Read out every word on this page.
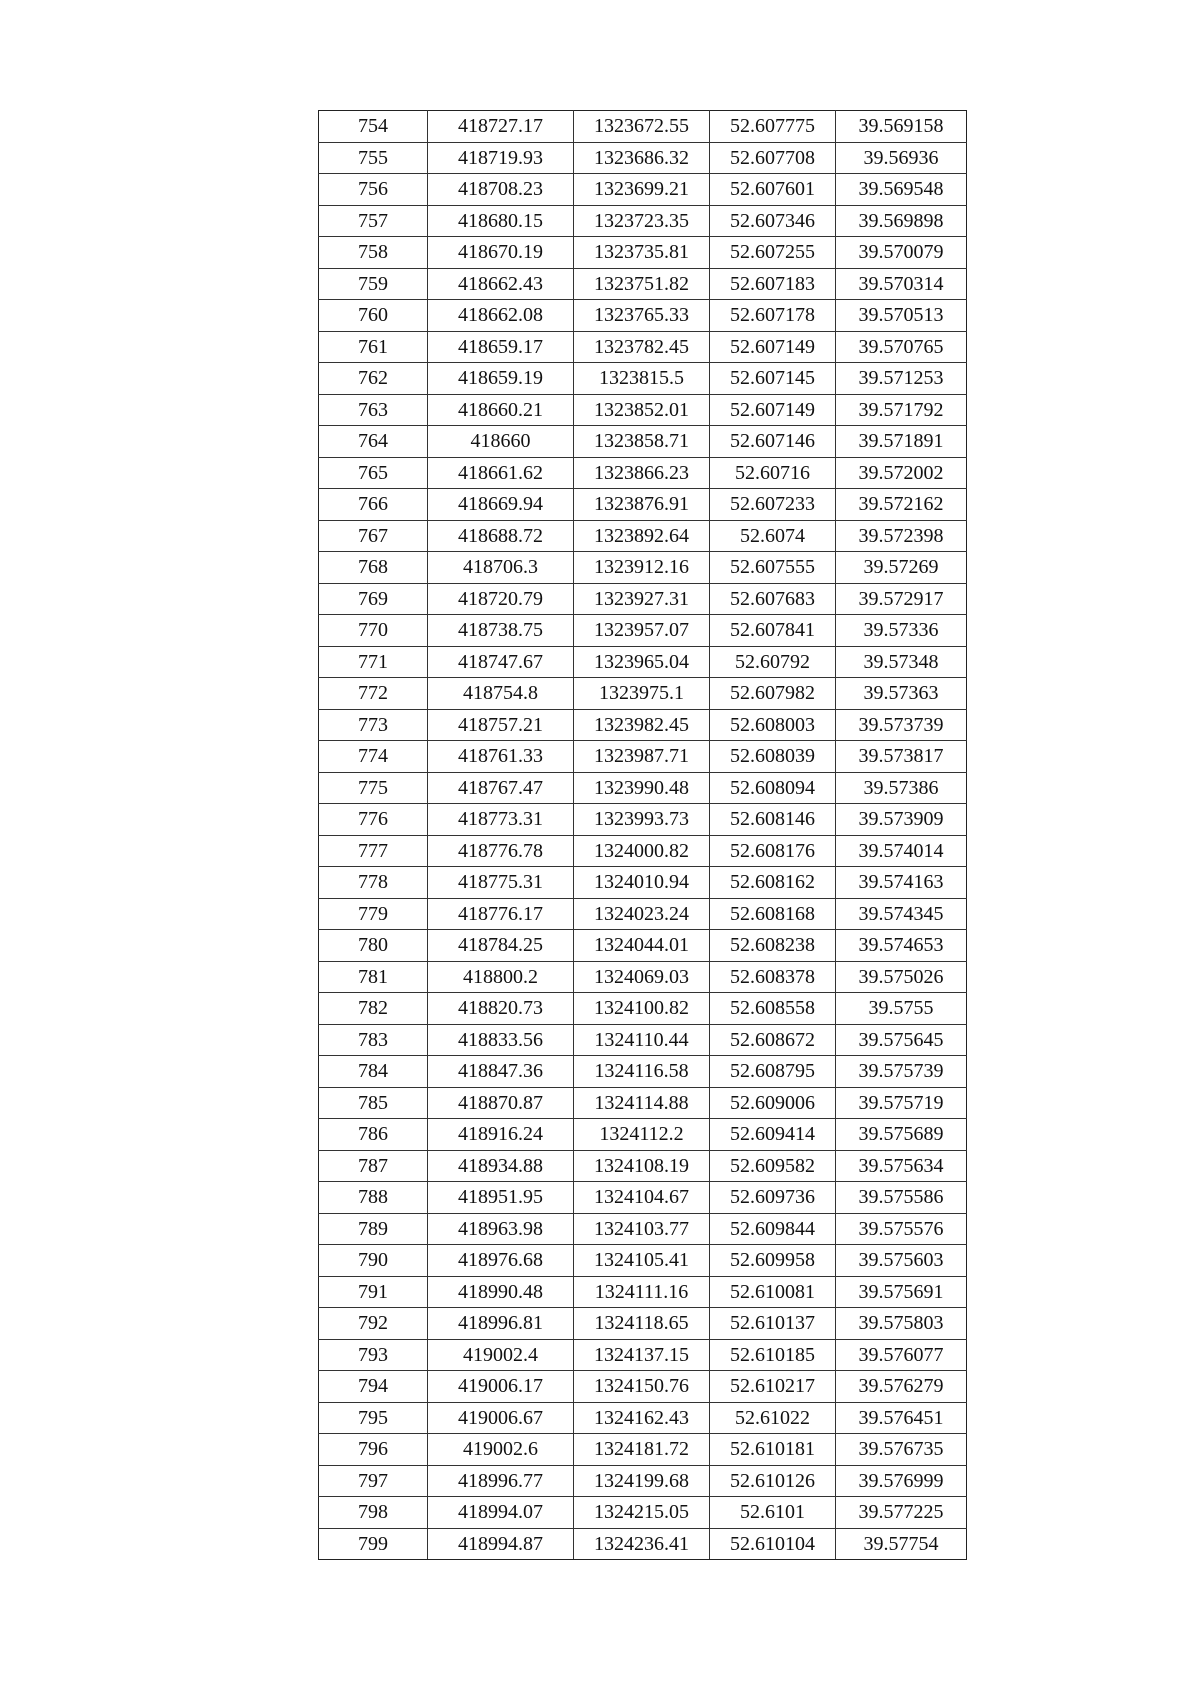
754	418727.17	1323672.55	52.607775	39.569158
755	418719.93	1323686.32	52.607708	39.56936
756	418708.23	1323699.21	52.607601	39.569548
757	418680.15	1323723.35	52.607346	39.569898
758	418670.19	1323735.81	52.607255	39.570079
759	418662.43	1323751.82	52.607183	39.570314
760	418662.08	1323765.33	52.607178	39.570513
761	418659.17	1323782.45	52.607149	39.570765
762	418659.19	1323815.5	52.607145	39.571253
763	418660.21	1323852.01	52.607149	39.571792
764	418660	1323858.71	52.607146	39.571891
765	418661.62	1323866.23	52.60716	39.572002
766	418669.94	1323876.91	52.607233	39.572162
767	418688.72	1323892.64	52.6074	39.572398
768	418706.3	1323912.16	52.607555	39.57269
769	418720.79	1323927.31	52.607683	39.572917
770	418738.75	1323957.07	52.607841	39.57336
771	418747.67	1323965.04	52.60792	39.57348
772	418754.8	1323975.1	52.607982	39.57363
773	418757.21	1323982.45	52.608003	39.573739
774	418761.33	1323987.71	52.608039	39.573817
775	418767.47	1323990.48	52.608094	39.57386
776	418773.31	1323993.73	52.608146	39.573909
777	418776.78	1324000.82	52.608176	39.574014
778	418775.31	1324010.94	52.608162	39.574163
779	418776.17	1324023.24	52.608168	39.574345
780	418784.25	1324044.01	52.608238	39.574653
781	418800.2	1324069.03	52.608378	39.575026
782	418820.73	1324100.82	52.608558	39.5755
783	418833.56	1324110.44	52.608672	39.575645
784	418847.36	1324116.58	52.608795	39.575739
785	418870.87	1324114.88	52.609006	39.575719
786	418916.24	1324112.2	52.609414	39.575689
787	418934.88	1324108.19	52.609582	39.575634
788	418951.95	1324104.67	52.609736	39.575586
789	418963.98	1324103.77	52.609844	39.575576
790	418976.68	1324105.41	52.609958	39.575603
791	418990.48	1324111.16	52.610081	39.575691
792	418996.81	1324118.65	52.610137	39.575803
793	419002.4	1324137.15	52.610185	39.576077
794	419006.17	1324150.76	52.610217	39.576279
795	419006.67	1324162.43	52.61022	39.576451
796	419002.6	1324181.72	52.610181	39.576735
797	418996.77	1324199.68	52.610126	39.576999
798	418994.07	1324215.05	52.6101	39.577225
799	418994.87	1324236.41	52.610104	39.57754
